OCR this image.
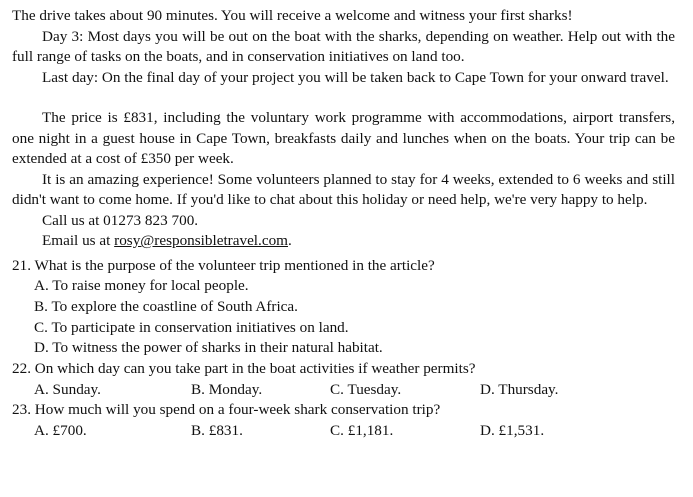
The drive takes about 90 minutes. You will receive a welcome and witness your first sharks!

Day 3: Most days you will be out on the boat with the sharks, depending on weather. Help out with the full range of tasks on the boats, and in conservation initiatives on land too.

Last day: On the final day of your project you will be taken back to Cape Town for your onward travel.

The price is £831, including the voluntary work programme with accommodations, airport transfers, one night in a guest house in Cape Town, breakfasts daily and lunches when on the boats. Your trip can be extended at a cost of £350 per week.

It is an amazing experience! Some volunteers planned to stay for 4 weeks, extended to 6 weeks and still didn't want to come home. If you'd like to chat about this holiday or need help, we're very happy to help.

Call us at 01273 823 700.

Email us at rosy@responsibletravel.com.

21. What is the purpose of the volunteer trip mentioned in the article?

A. To raise money for local people.

B. To explore the coastline of South Africa.

C. To participate in conservation initiatives on land.

D. To witness the power of sharks in their natural habitat.

22. On which day can you take part in the boat activities if weather permits?

A. Sunday.	B. Monday.	C. Tuesday.	D. Thursday.

23. How much will you spend on a four-week shark conservation trip?

A. £700.	B. £831.	C. £1,181.	D. £1,531.
